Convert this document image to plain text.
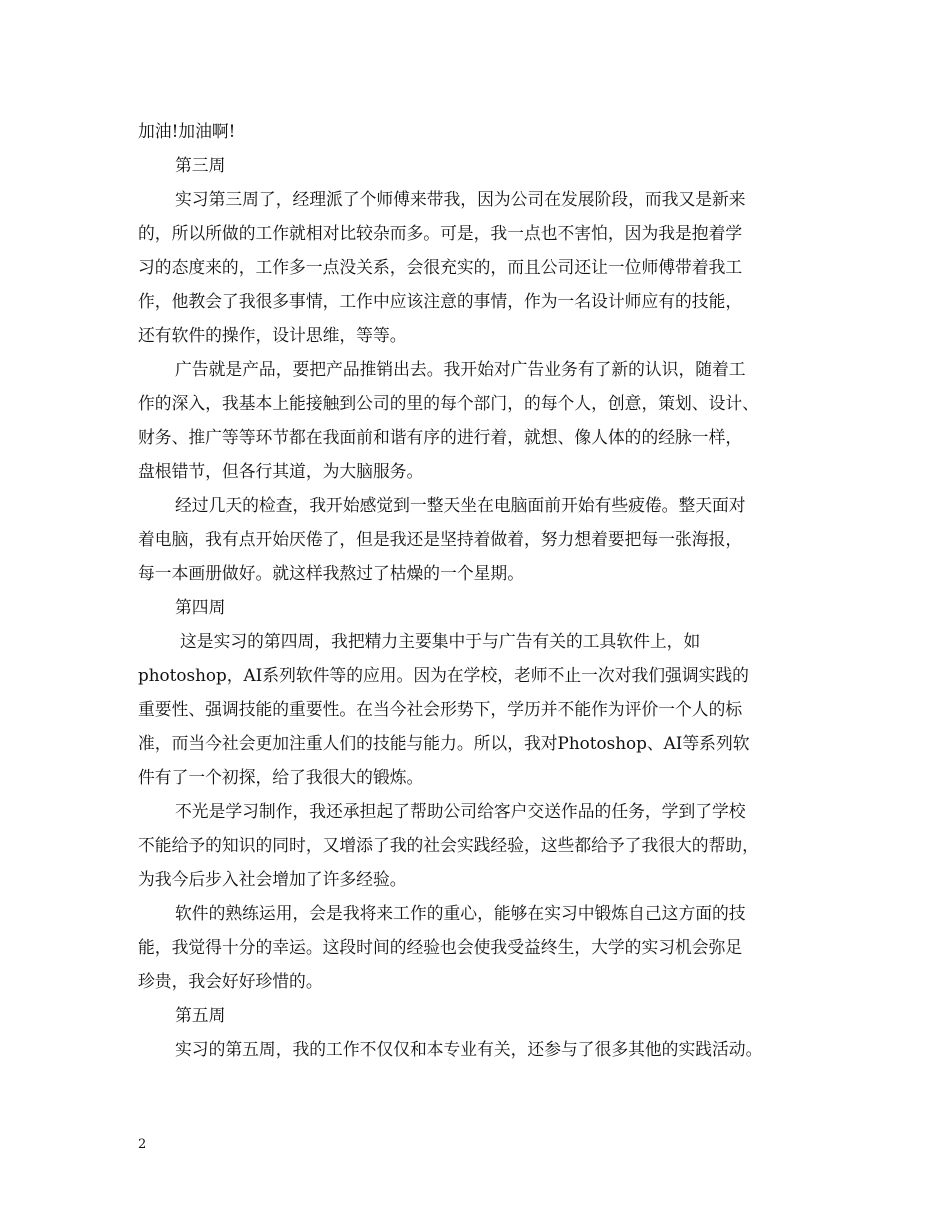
加油!加油啊!
第三周
实习第三周了，经理派了个师傅来带我，因为公司在发展阶段，而我又是新来
的，所以所做的工作就相对比较杂而多。可是，我一点也不害怕，因为我是抱着学
习的态度来的，工作多一点没关系，会很充实的，而且公司还让一位师傅带着我工
作，他教会了我很多事情，工作中应该注意的事情，作为一名设计师应有的技能，
还有软件的操作，设计思维，等等。
广告就是产品，要把产品推销出去。我开始对广告业务有了新的认识，随着工
作的深入，我基本上能接触到公司的里的每个部门，的每个人，创意，策划、设计、
财务、推广等等环节都在我面前和谐有序的进行着，就想、像人体的的经脉一样，
盘根错节，但各行其道，为大脑服务。
经过几天的检查，我开始感觉到一整天坐在电脑面前开始有些疲倦。整天面对
着电脑，我有点开始厌倦了，但是我还是坚持着做着，努力想着要把每一张海报，
每一本画册做好。就这样我熬过了枯燥的一个星期。
第四周
这是实习的第四周，我把精力主要集中于与广告有关的工具软件上，如
photoshop，AI系列软件等的应用。因为在学校，老师不止一次对我们强调实践的
重要性、强调技能的重要性。在当今社会形势下，学历并不能作为评价一个人的标
准，而当今社会更加注重人们的技能与能力。所以，我对Photoshop、AI等系列软
件有了一个初探，给了我很大的锻炼。
不光是学习制作，我还承担起了帮助公司给客户交送作品的任务，学到了学校
不能给予的知识的同时，又增添了我的社会实践经验，这些都给予了我很大的帮助，
为我今后步入社会增加了许多经验。
软件的熟练运用，会是我将来工作的重心，能够在实习中锻炼自己这方面的技
能，我觉得十分的幸运。这段时间的经验也会使我受益终生，大学的实习机会弥足
珍贵，我会好好珍惜的。
第五周
实习的第五周，我的工作不仅仅和本专业有关，还参与了很多其他的实践活动。
2
